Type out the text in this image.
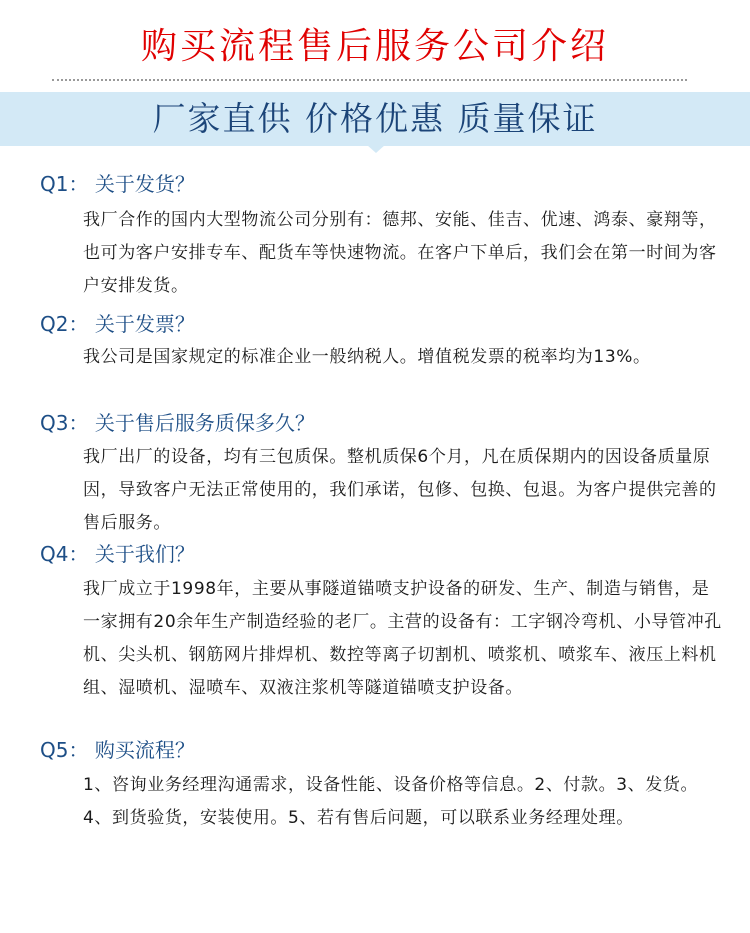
购买流程售后服务公司介绍
厂家直供 价格优惠 质量保证
Q1： 关于发货？
我厂合作的国内大型物流公司分别有：德邦、安能、佳吉、优速、鸿泰、豪翔等，也可为客户安排专车、配货车等快速物流。在客户下单后，我们会在第一时间为客户安排发货。
Q2： 关于发票？
我公司是国家规定的标准企业一般纳税人。增值税发票的税率均为13%。
Q3： 关于售后服务质保多久？
我厂出厂的设备，均有三包质保。整机质保6个月，凡在质保期内的因设备质量原因，导致客户无法正常使用的，我们承诺，包修、包换、包退。为客户提供完善的售后服务。
Q4： 关于我们？
我厂成立于1998年，主要从事隧道锚喷支护设备的研发、生产、制造与销售，是一家拥有20余年生产制造经验的老厂。主营的设备有：工字钢冷弯机、小导管冲孔机、尖头机、钢筋网片排焊机、数控等离子切割机、喷浆机、喷浆车、液压上料机组、湿喷机、湿喷车、双液注浆机等隧道锚喷支护设备。
Q5： 购买流程？
1、咨询业务经理沟通需求，设备性能、设备价格等信息。2、付款。3、发货。4、到货验货，安装使用。5、若有售后问题，可以联系业务经理处理。
